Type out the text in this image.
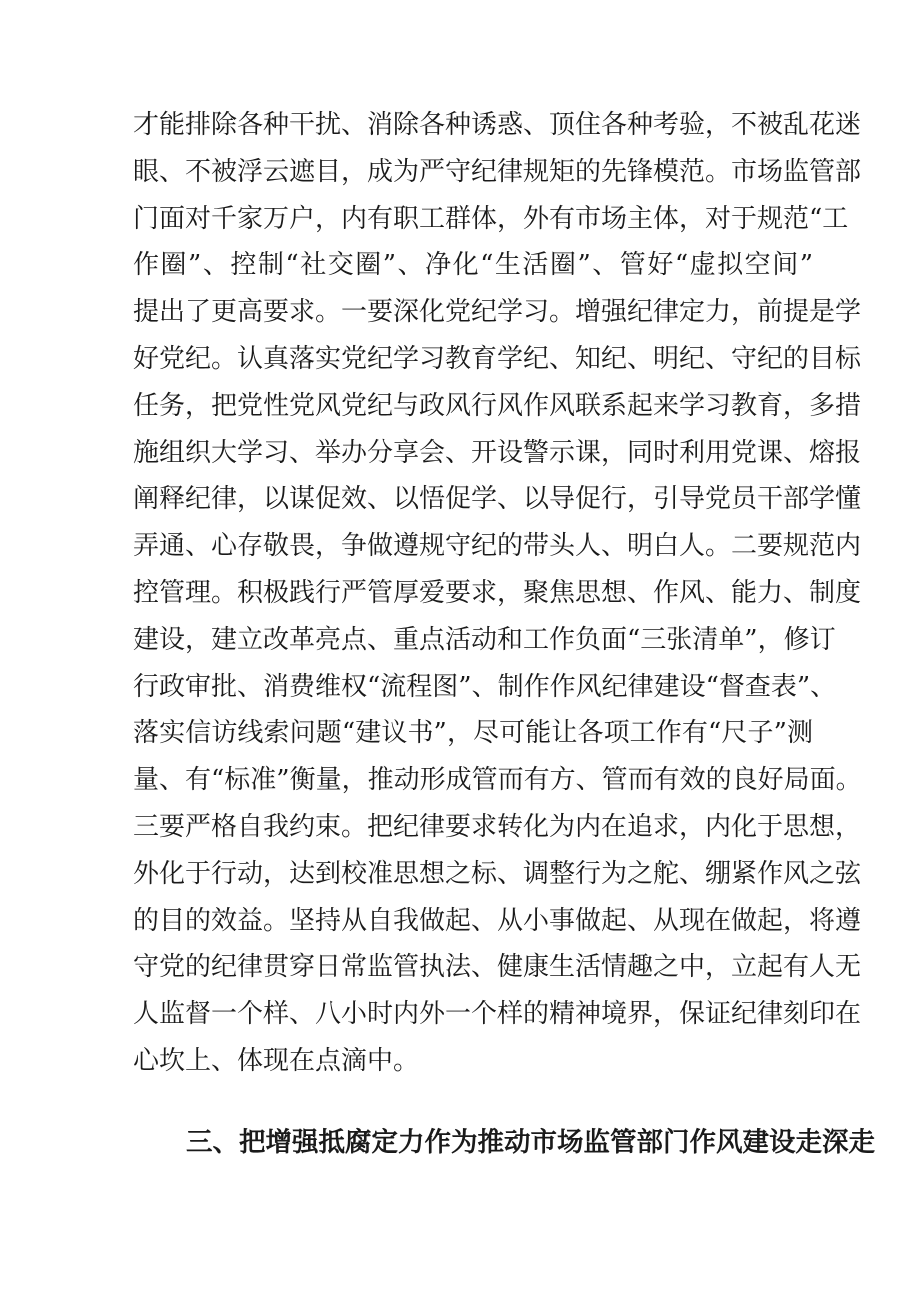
才能排除各种干扰、消除各种诱惑、顶住各种考验，不被乱花迷
眼、不被浮云遮目，成为严守纪律规矩的先锋模范。市场监管部
门面对千家万户，内有职工群体，外有市场主体，对于规范“工
作圈”、控制“社交圈”、净化“生活圈”、管好“虚拟空间”
提出了更高要求。一要深化党纪学习。增强纪律定力，前提是学
好党纪。认真落实党纪学习教育学纪、知纪、明纪、守纪的目标
任务，把党性党风党纪与政风行风作风联系起来学习教育，多措
施组织大学习、举办分享会、开设警示课，同时利用党课、熔报
阐释纪律，以谋促效、以悟促学、以导促行，引导党员干部学懂
弄通、心存敬畏，争做遵规守纪的带头人、明白人。二要规范内
控管理。积极践行严管厚爱要求，聚焦思想、作风、能力、制度
建设，建立改革亮点、重点活动和工作负面“三张清单”，修订
行政审批、消费维权“流程图”、制作作风纪律建设“督查表”、
落实信访线索问题“建议书”，尽可能让各项工作有“尺子”测
量、有“标准”衡量，推动形成管而有方、管而有效的良好局面。
三要严格自我约束。把纪律要求转化为内在追求，内化于思想，
外化于行动，达到校准思想之标、调整行为之舵、绷紧作风之弦
的目的效益。坚持从自我做起、从小事做起、从现在做起，将遵
守党的纪律贯穿日常监管执法、健康生活情趣之中，立起有人无
人监督一个样、八小时内外一个样的精神境界，保证纪律刻印在
心坎上、体现在点滴中。
三、把增强抵腐定力作为推动市场监管部门作风建设走深走
